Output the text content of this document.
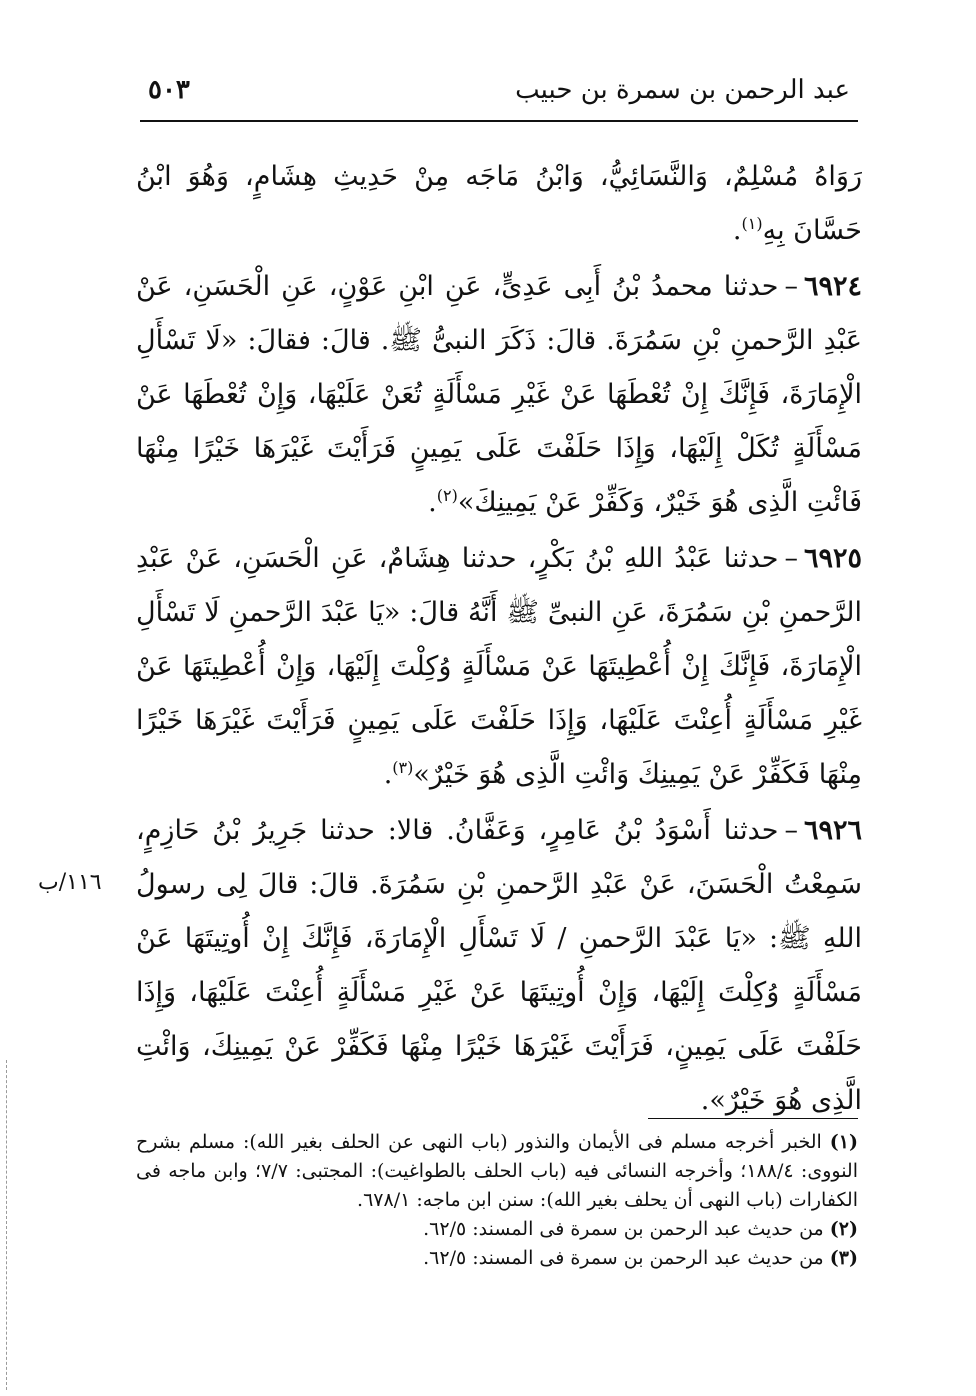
عبد الرحمن بن سمرة بن حبيب
٥٠٣

رَوَاهُ مُسْلِمٌ، وَالنَّسَائِيُّ، وَابْنُ مَاجَه مِنْ حَدِيثِ هِشَامٍ، وَهُوَ ابْنُ حَسَّانَ بِهِ$^{(١)}$.

٦٩٢٤–حدثنا محمدُ بْنُ أَبِى عَدِىٍّ، عَنِ ابْنِ عَوْنٍ، عَنِ الْحَسَنِ، عَنْ عَبْدِ الرَّحمنِ بْنِ سَمُرَةَ. قالَ: ذَكَرَ النبىُّ ﷺ. قالَ: فقالَ: «لَا تَسْأَلِ الْإِمَارَةَ، فَإِنَّكَ إِنْ تُعْطَهَا عَنْ غَيْرِ مَسْأَلَةٍ تُعَنْ عَلَيْهَا، وَإِنْ تُعْطَهَا عَنْ مَسْأَلَةٍ تُكَلْ إِلَيْهَا، وَإِذَا حَلَفْتَ عَلَى يَمِينٍ فَرَأَيْتَ غَيْرَهَا خَيْرًا مِنْهَا فَائْتِ الَّذِى هُوَ خَيْرٌ، وَكَفِّرْ عَنْ يَمِينِكَ»$^{(٢)}$.

٦٩٢٥–حدثنا عَبْدُ اللهِ بْنُ بَكْرٍ، حدثنا هِشَامٌ، عَنِ الْحَسَنِ، عَنْ عَبْدِ الرَّحمنِ بْنِ سَمُرَةَ، عَنِ النبىِّ ﷺ أَنَّهُ قالَ: «يَا عَبْدَ الرَّحمنِ لَا تَسْأَلِ الْإِمَارَةَ، فَإِنَّكَ إِنْ أُعْطِيتَهَا عَنْ مَسْأَلَةٍ وُكِلْتَ إِلَيْهَا، وَإِنْ أُعْطِيتَهَا عَنْ غَيْرِ مَسْأَلَةٍ أُعِنْتَ عَلَيْهَا، وَإِذَا حَلَفْتَ عَلَى يَمِينٍ فَرَأَيْتَ غَيْرَهَا خَيْرًا مِنْهَا فَكَفِّرْ عَنْ يَمِينِكَ وَائْتِ الَّذِى هُوَ خَيْرٌ»$^{(٣)}$.

٦٩٢٦–حدثنا أَسْوَدُ بْنُ عَامِرٍ، وَعَفَّانُ. قالا: حدثنا جَرِيرُ بْنُ حَازِمٍ، سَمِعْتُ الْحَسَنَ، عَنْ عَبْدِ الرَّحمنِ بْنِ سَمُرَةَ. قالَ: قالَ لِى رسولُ اللهِ ﷺ: «يَا عَبْدَ الرَّحمنِ / لَا تَسْأَلِ الْإِمَارَةَ، فَإِنَّكَ إِنْ أُوتِيتَهَا عَنْ مَسْأَلَةٍ وُكِلْتَ إِلَيْهَا، وَإِنْ أُوتِيتَهَا عَنْ غَيْرِ مَسْأَلَةٍ أُعِنْتَ عَلَيْهَا، وَإِذَا حَلَفْتَ عَلَى يَمِينٍ، فَرَأَيْتَ غَيْرَهَا خَيْرًا مِنْهَا فَكَفِّرْ عَنْ يَمِينِكَ، وَائْتِ الَّذِى هُوَ خَيْرٌ».

١١٦/ب

(١) الخبر أخرجه مسلم فى الأيمان والنذور (باب النهى عن الحلف بغير الله): مسلم بشرح النووى: ١٨٨/٤؛ وأخرجه النسائى فيه (باب الحلف بالطواغيت): المجتبى: ٧/٧؛ وابن ماجه فى الكفارات (باب النهى أن يحلف بغير الله): سنن ابن ماجه: ٦٧٨/١.

(٢) من حديث عبد الرحمن بن سمرة فى المسند: ٦٢/٥.

(٣) من حديث عبد الرحمن بن سمرة فى المسند: ٦٢/٥.
